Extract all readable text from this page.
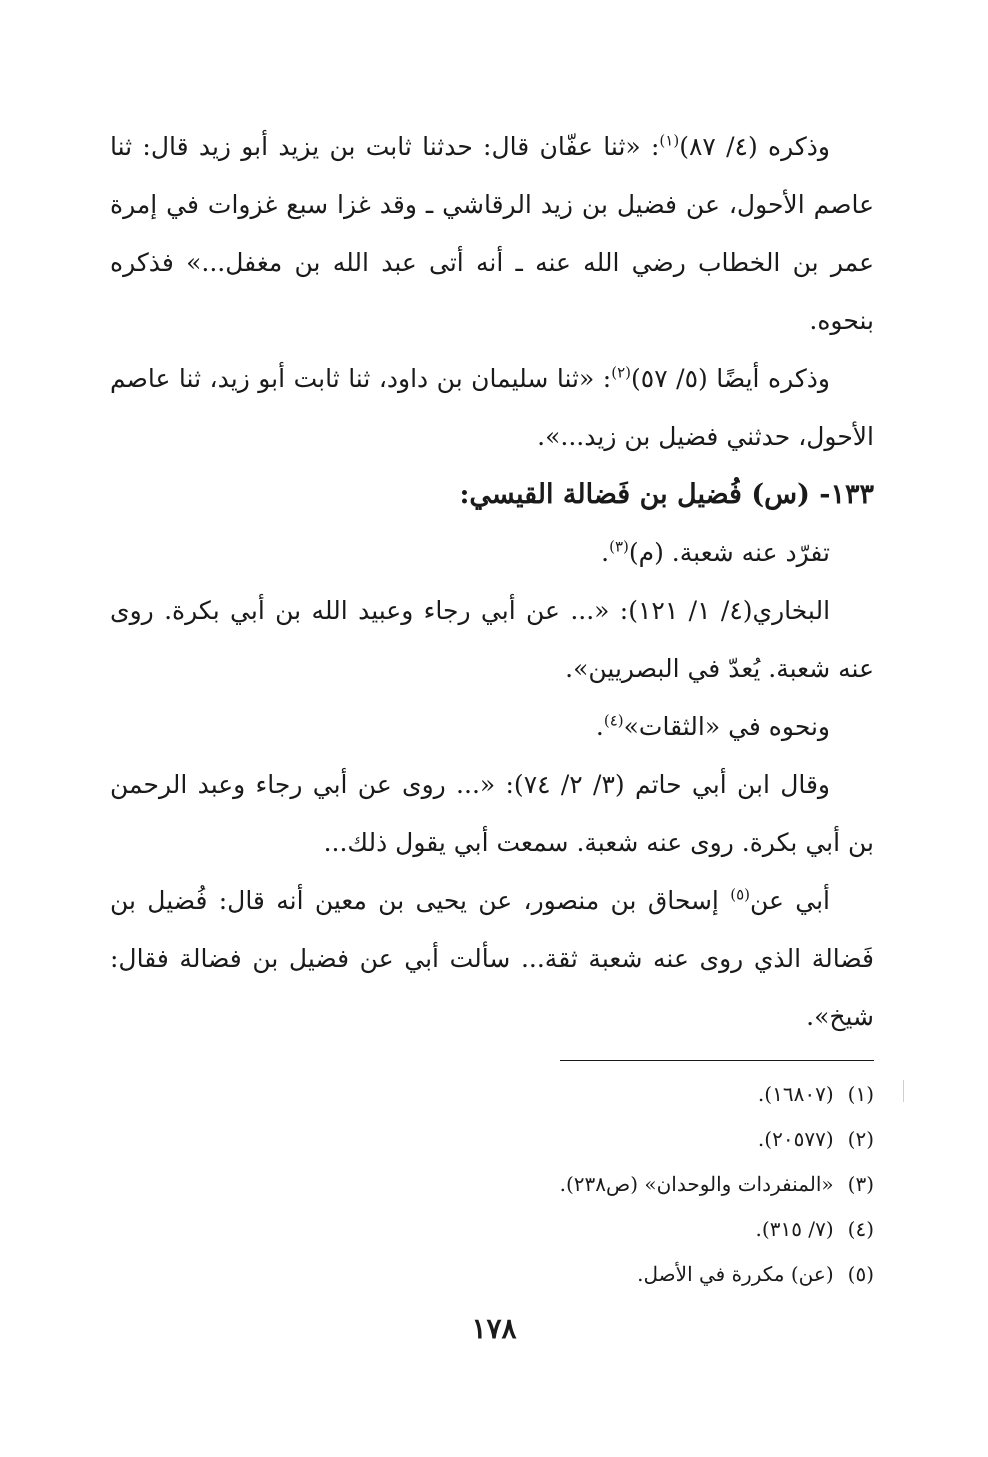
وذكره (٤/ ٨٧)$^{(١)}$: «ثنا عفّان قال: حدثنا ثابت بن يزيد أبو زيد قال: ثنا عاصم الأحول، عن فضيل بن زيد الرقاشي ـ وقد غزا سبع غزوات في إمرة عمر بن الخطاب رضي الله عنه ـ أنه أتى عبد الله بن مغفل...» فذكره بنحوه.

وذكره أيضًا (٥/ ٥٧)$^{(٢)}$: «ثنا سليمان بن داود، ثنا ثابت أبو زيد، ثنا عاصم الأحول، حدثني فضيل بن زيد...».

١٣٣- (س) فُضيل بن فَضالة القيسي:

تفرّد عنه شعبة. (م)$^{(٣)}$.

البخاري(٤/ ١/ ١٢١): «... عن أبي رجاء وعبيد الله بن أبي بكرة. روى عنه شعبة. يُعدّ في البصريين».

ونحوه في «الثقات»$^{(٤)}$.

وقال ابن أبي حاتم (٣/ ٢/ ٧٤): «... روى عن أبي رجاء وعبد الرحمن بن أبي بكرة. روى عنه شعبة. سمعت أبي يقول ذلك...

أبي عن$^{(٥)}$ إسحاق بن منصور، عن يحيى بن معين أنه قال: فُضيل بن فَضالة الذي روى عنه شعبة ثقة... سألت أبي عن فضيل بن فضالة فقال: شيخ».

(١)(١٦٨٠٧).
(٢)(٢٠٥٧٧).
(٣)«المنفردات والوحدان» (ص٢٣٨).
(٤)(٧/ ٣١٥).
(٥)(عن) مكررة في الأصل.
١٧٨
